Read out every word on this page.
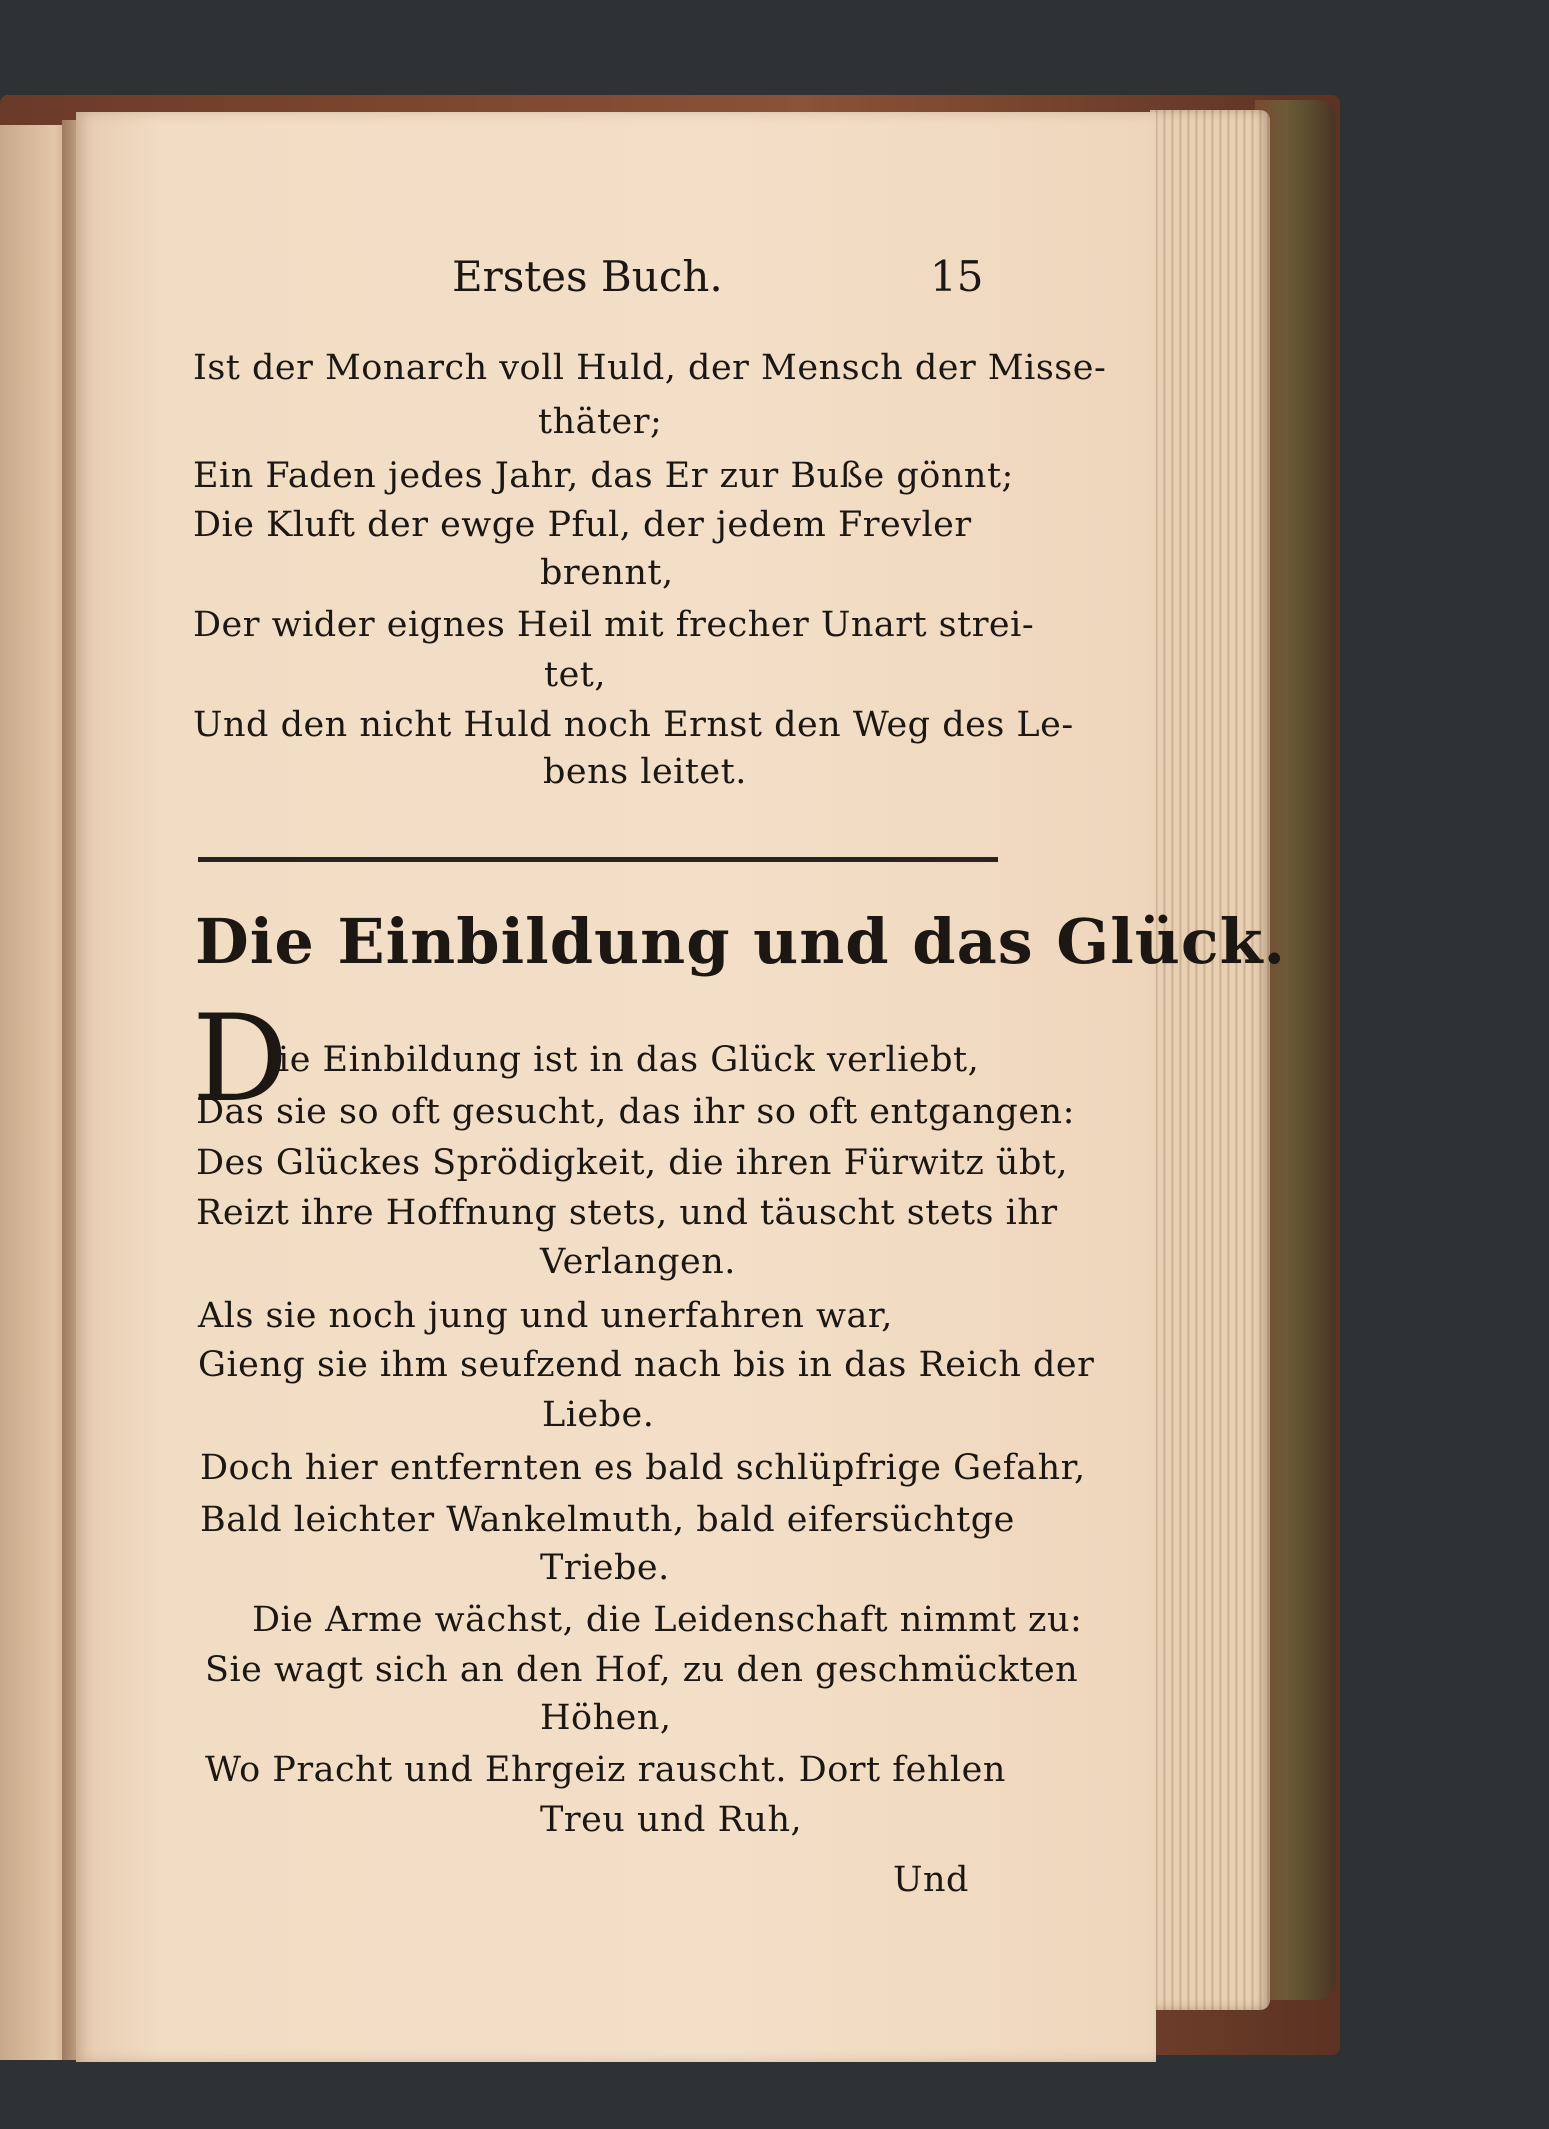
Erstes Buch.	15
Ist der Monarch voll Huld, der Mensch der Misse-
thäter;
Ein Faden jedes Jahr, das Er zur Buße gönnt;
Die Kluft der ewge Pful, der jedem Frevler
brennt,
Der wider eignes Heil mit frecher Unart strei-
tet,
Und den nicht Huld noch Ernst den Weg des Le-
bens leitet.
Die Einbildung und das Glück.
D
ie Einbildung ist in das Glück verliebt,
Das sie so oft gesucht, das ihr so oft entgangen:
Des Glückes Sprödigkeit, die ihren Fürwitz übt,
Reizt ihre Hoffnung stets, und täuscht stets ihr
Verlangen.
Als sie noch jung und unerfahren war,
Gieng sie ihm seufzend nach bis in das Reich der
Liebe.
Doch hier entfernten es bald schlüpfrige Gefahr,
Bald leichter Wankelmuth, bald eifersüchtge
Triebe.
Die Arme wächst, die Leidenschaft nimmt zu:
Sie wagt sich an den Hof, zu den geschmückten
Höhen,
Wo Pracht und Ehrgeiz rauscht. Dort fehlen
Treu und Ruh,
Und
